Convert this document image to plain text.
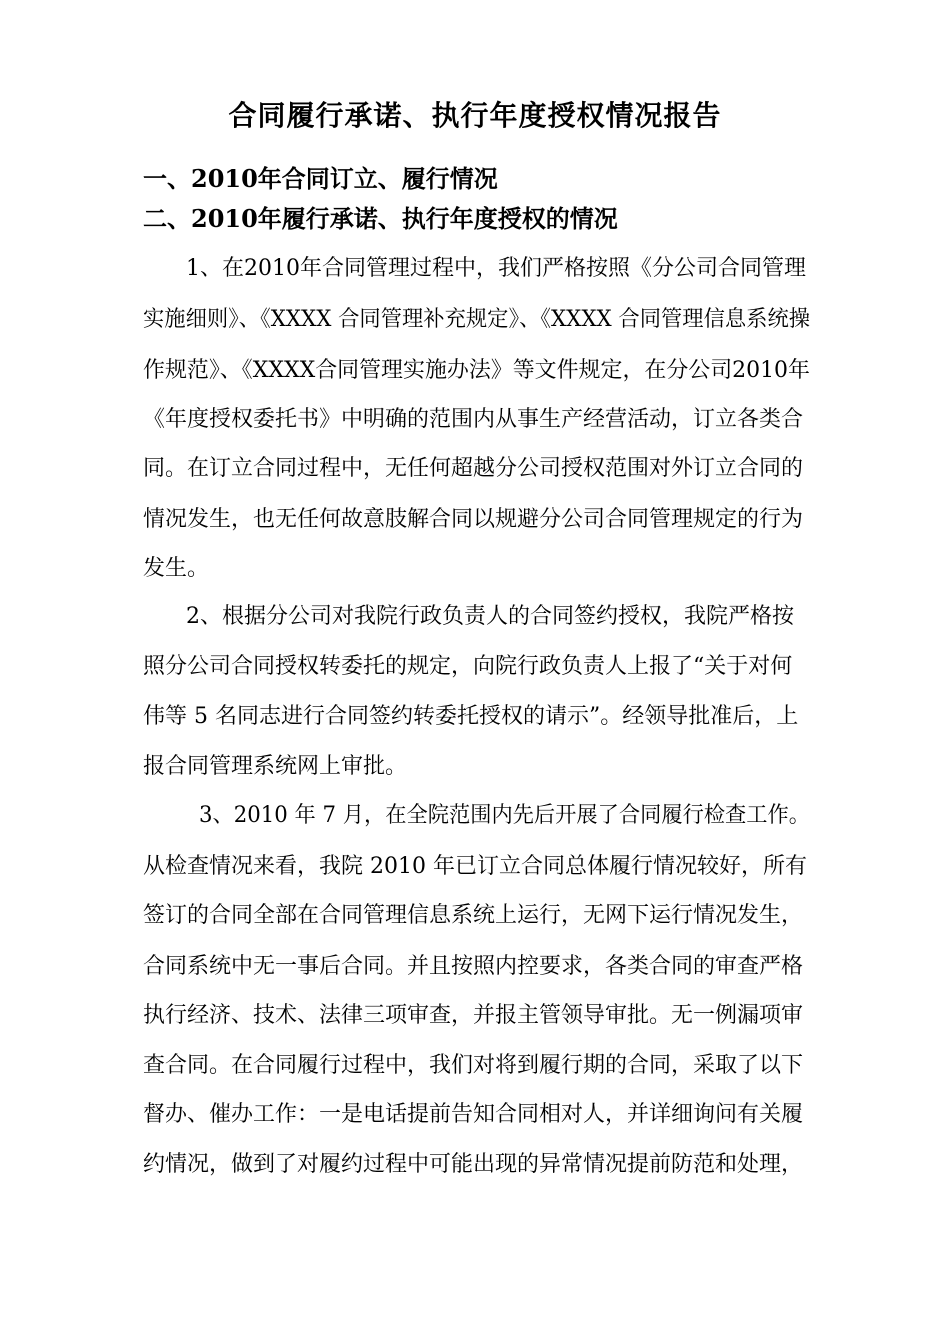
合同履行承诺、执行年度授权情况报告
一、2010年合同订立、履行情况
二、2010年履行承诺、执行年度授权的情况
1、在2010年合同管理过程中，我们严格按照《分公司合同管理
实施细则》、《XXXX 合同管理补充规定》、《XXXX 合同管理信息系统操
作规范》、《XXXX合同管理实施办法》等文件规定，在分公司2010年
《年度授权委托书》中明确的范围内从事生产经营活动，订立各类合
同。在订立合同过程中，无任何超越分公司授权范围对外订立合同的
情况发生，也无任何故意肢解合同以规避分公司合同管理规定的行为
发生。
2、根据分公司对我院行政负责人的合同签约授权，我院严格按
照分公司合同授权转委托的规定，向院行政负责人上报了“关于对何
伟等 5 名同志进行合同签约转委托授权的请示”。经领导批准后，上
报合同管理系统网上审批。
3、2010 年 7 月，在全院范围内先后开展了合同履行检查工作。
从检查情况来看，我院 2010 年已订立合同总体履行情况较好，所有
签订的合同全部在合同管理信息系统上运行，无网下运行情况发生，
合同系统中无一事后合同。并且按照内控要求，各类合同的审查严格
执行经济、技术、法律三项审查，并报主管领导审批。无一例漏项审
查合同。在合同履行过程中，我们对将到履行期的合同，采取了以下
督办、催办工作：一是电话提前告知合同相对人，并详细询问有关履
约情况，做到了对履约过程中可能出现的异常情况提前防范和处理，
